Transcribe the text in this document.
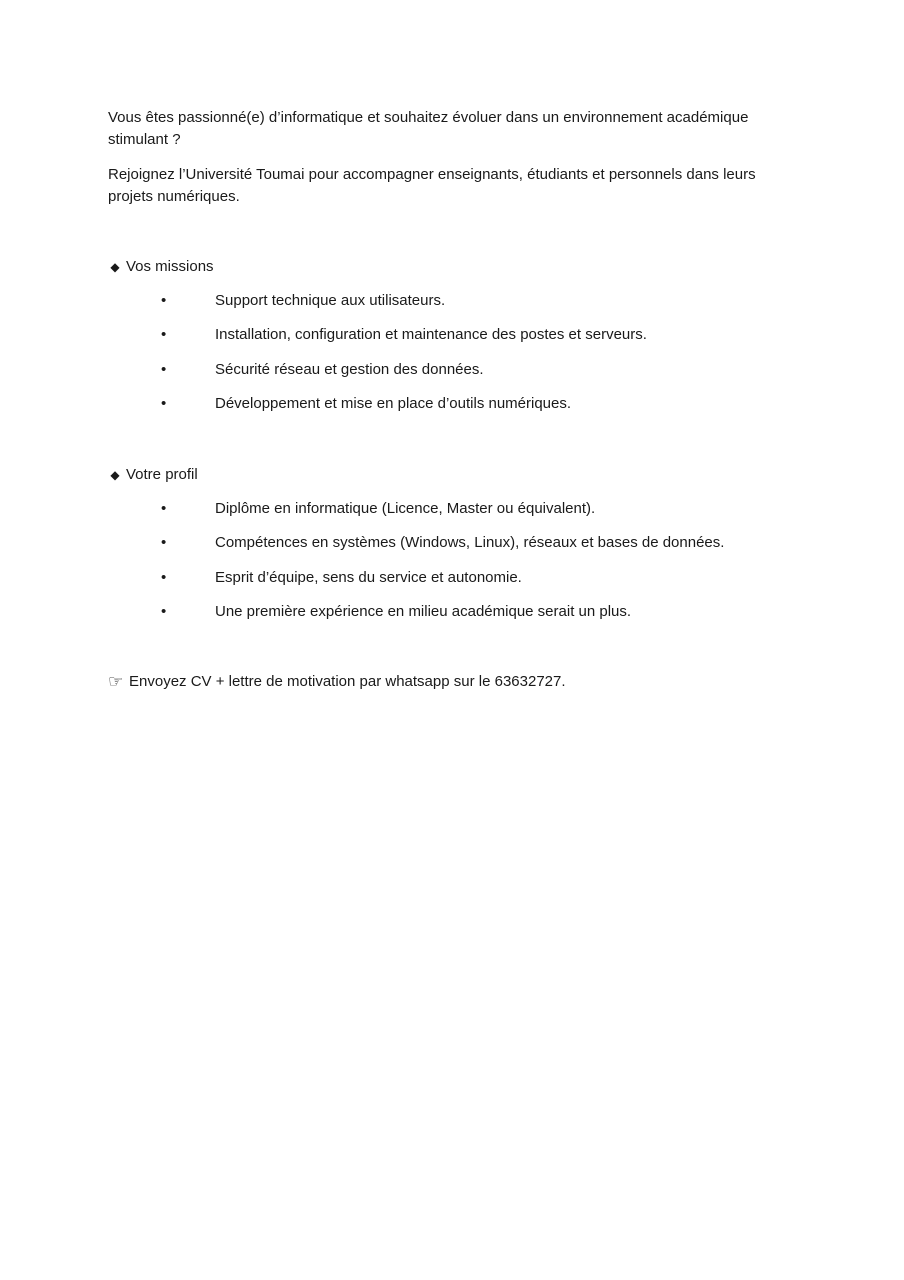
Vous êtes passionné(e) d’informatique et souhaitez évoluer dans un environnement académique stimulant ?

Rejoignez l’Université Toumai pour accompagner enseignants, étudiants et personnels dans leurs projets numériques.

◆ Vos missions
•	Support technique aux utilisateurs.
•	Installation, configuration et maintenance des postes et serveurs.
•	Sécurité réseau et gestion des données.
•	Développement et mise en place d’outils numériques.
◆ Votre profil
•	Diplôme en informatique (Licence, Master ou équivalent).
•	Compétences en systèmes (Windows, Linux), réseaux et bases de données.
•	Esprit d’équipe, sens du service et autonomie.
•	Une première expérience en milieu académique serait un plus.

☞ Envoyez CV + lettre de motivation par whatsapp sur le 63632727.
